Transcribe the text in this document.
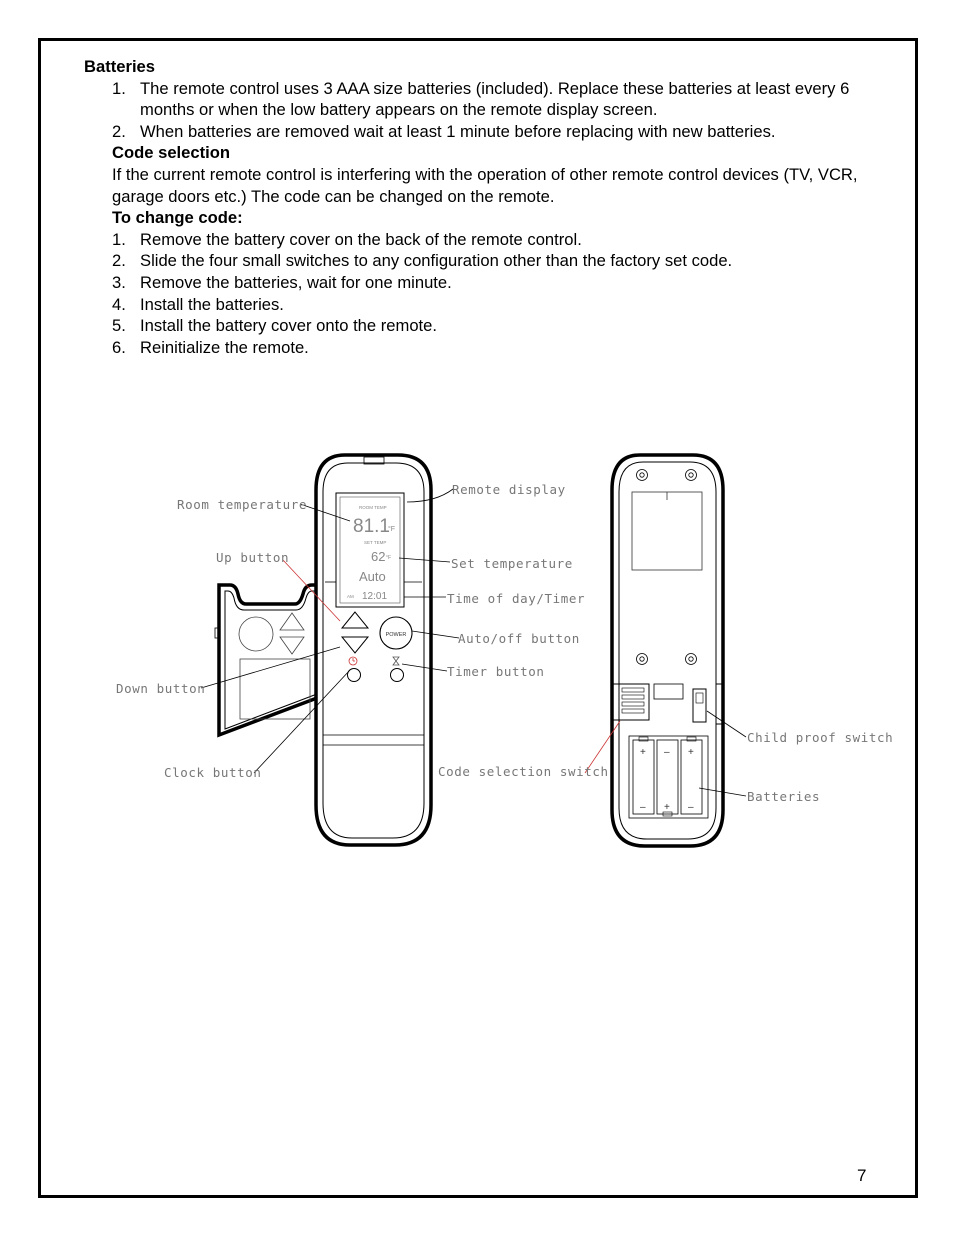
Batteries
1. The remote control uses 3 AAA size batteries (included). Replace these batteries at least every 6 months or when the low battery appears on the remote display screen.
2. When batteries are removed wait at least 1 minute before replacing with new batteries.
Code selection
If the current remote control is interfering with the operation of other remote control devices (TV, VCR, garage doors etc.) The code can be changed on the remote.
To change code:
1. Remove the battery cover on the back of the remote control.
2. Slide the four small switches to any configuration other than the factory set code.
3. Remove the batteries, wait for one minute.
4. Install the batteries.
5. Install the battery cover onto the remote.
6. Reinitialize the remote.
ROOM TEMP
81.1
°F
SET TEMP
62 °F
Auto
AM 12:01
POWER
+
–
–
+
+
–
Room temperature
Up button
Down button
Clock button
Remote display
Set temperature
Time of day/Timer
Auto/off button
Timer button
Code selection switch
Child proof switch
Batteries
7
